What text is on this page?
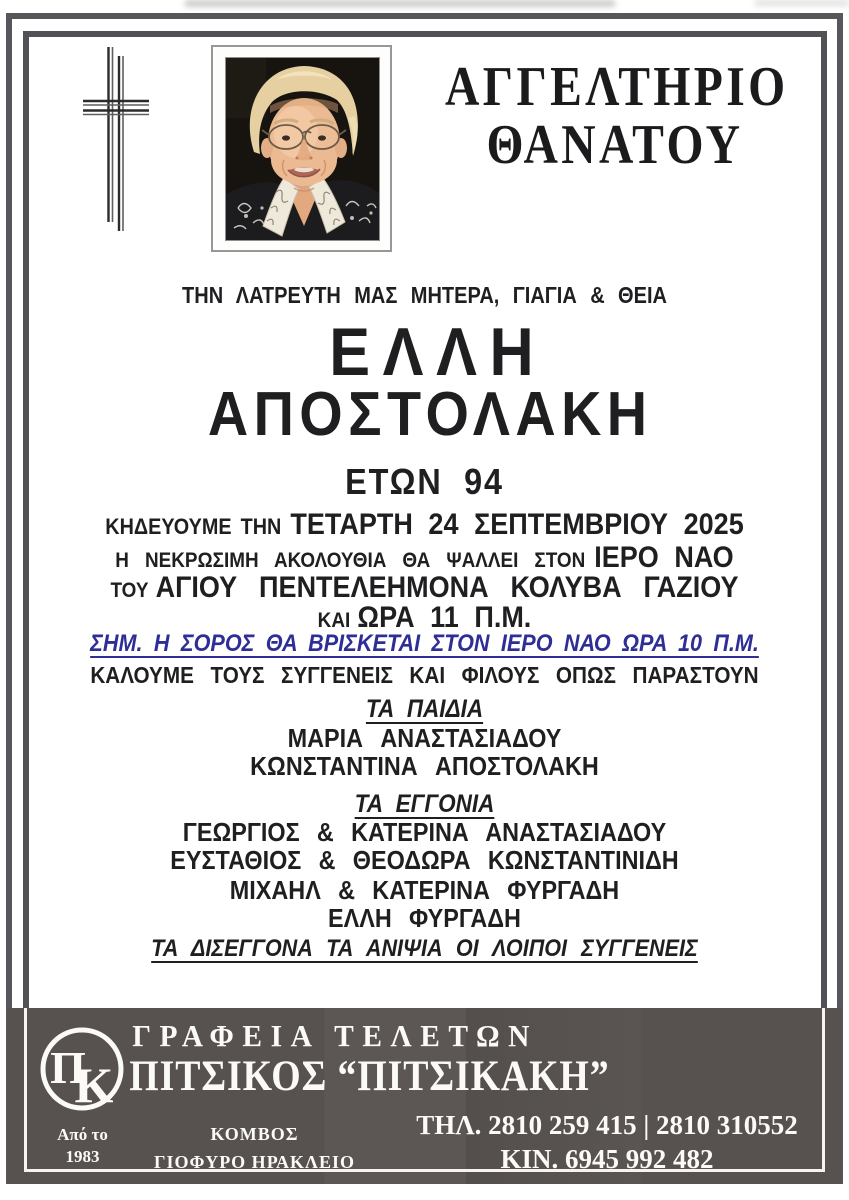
ΑΓΓΕΛΤΗΡΙΟ
ΘΑΝΑΤΟΥ
ΤΗΝ ΛΑΤΡΕΥΤΗ ΜΑΣ ΜΗΤΕΡΑ, ΓΙΑΓΙΑ & ΘΕΙΑ
ΕΛΛΗ
ΑΠΟΣΤΟΛΑΚΗ
ΕΤΩΝ 94
ΚΗΔΕΥΟΥΜΕ ΤΗΝ ΤΕΤΑΡΤΗ 24 ΣΕΠΤΕΜΒΡΙΟΥ 2025
Η ΝΕΚΡΩΣΙΜΗ ΑΚΟΛΟΥΘΙΑ ΘΑ ΨΑΛΛΕΙ ΣΤΟΝ ΙΕΡΟ ΝΑΟ
ΤΟΥ ΑΓΙΟΥ ΠΕΝΤΕΛΕΗΜΟΝΑ ΚΟΛΥΒΑ ΓΑΖΙΟΥ
ΚΑΙ ΩΡΑ 11 Π.Μ.
ΣΗΜ. Η ΣΟΡΟΣ ΘΑ ΒΡΙΣΚΕΤΑΙ ΣΤΟΝ ΙΕΡΟ ΝΑΟ ΩΡΑ 10 Π.Μ.
ΚΑΛΟΥΜΕ ΤΟΥΣ ΣΥΓΓΕΝΕΙΣ ΚΑΙ ΦΙΛΟΥΣ ΟΠΩΣ ΠΑΡΑΣΤΟΥΝ
ΤΑ ΠΑΙΔΙΑ
ΜΑΡΙΑ ΑΝΑΣΤΑΣΙΑΔΟΥ
ΚΩΝΣΤΑΝΤΙΝΑ ΑΠΟΣΤΟΛΑΚΗ
ΤΑ ΕΓΓΟΝΙΑ
ΓΕΩΡΓΙΟΣ & ΚΑΤΕΡΙΝΑ ΑΝΑΣΤΑΣΙΑΔΟΥ
ΕΥΣΤΑΘΙΟΣ & ΘΕΟΔΩΡΑ ΚΩΝΣΤΑΝΤΙΝΙΔΗ
ΜΙΧΑΗΛ & ΚΑΤΕΡΙΝΑ ΦΥΡΓΑΔΗ
ΕΛΛΗ ΦΥΡΓΑΔΗ
ΤΑ ΔΙΣΕΓΓΟΝΑ ΤΑ ΑΝΙΨΙΑ ΟΙ ΛΟΙΠΟΙ ΣΥΓΓΕΝΕΙΣ
Π
Κ
Από το
1983
ΓΡΑΦΕΙΑ ΤΕΛΕΤΩΝ
ΠΙΤΣΙΚΟΣ “ΠΙΤΣΙΚΑΚΗ”
ΚΟΜΒΟΣ
ΓΙΟΦΥΡΟ ΗΡΑΚΛΕΙΟ
ΤΗΛ. 2810 259 415 | 2810 310552
ΚΙΝ. 6945 992 482
